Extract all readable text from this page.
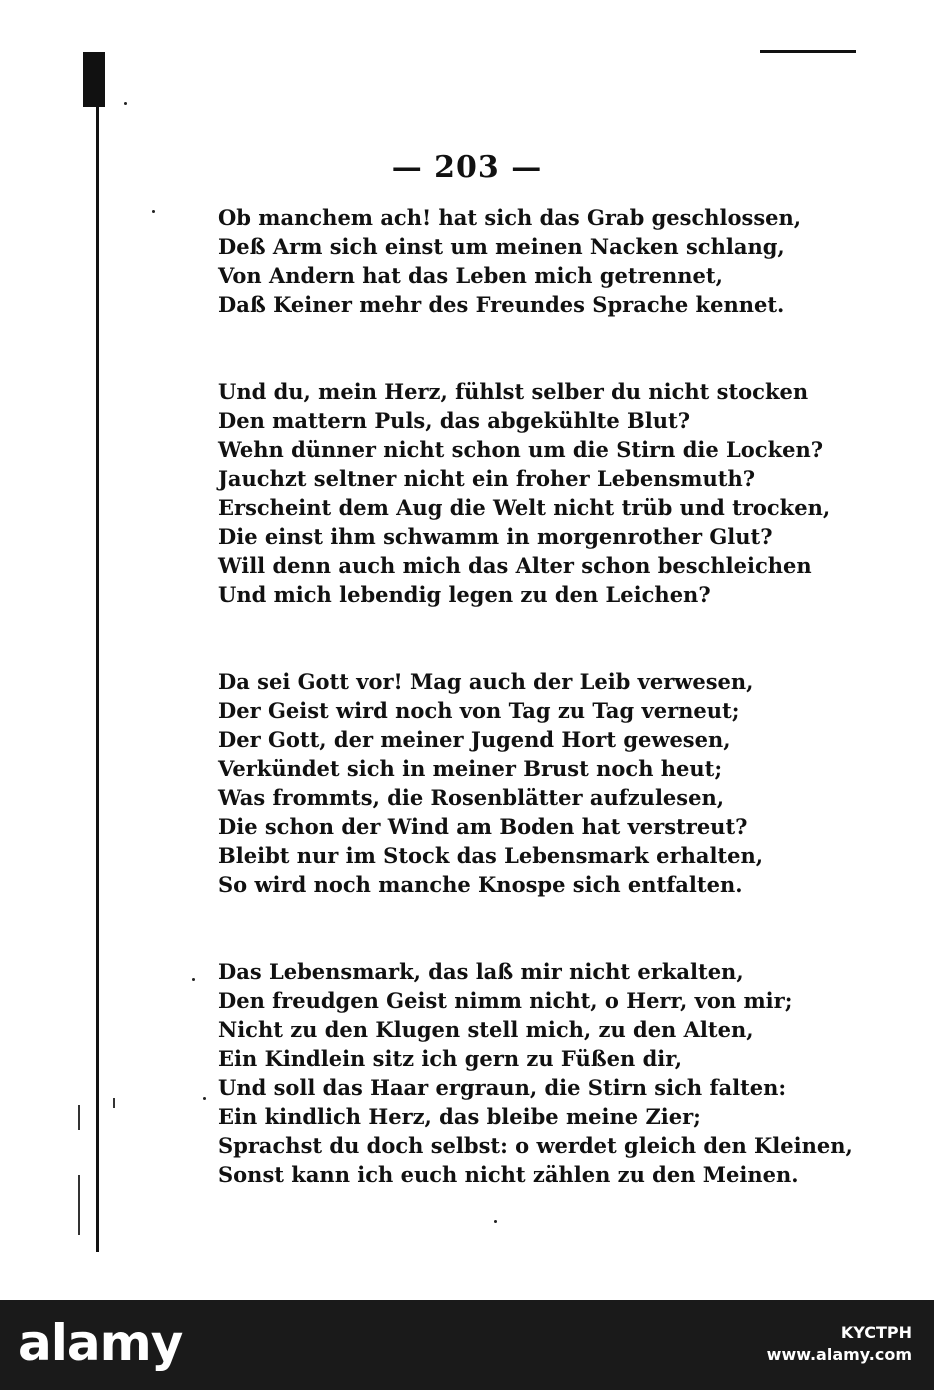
— 203 —
Ob manchem ach! hat sich das Grab geschlossen,
Deß Arm sich einst um meinen Nacken schlang,
Von Andern hat das Leben mich getrennet,
Daß Keiner mehr des Freundes Sprache kennet.
Und du, mein Herz, fühlst selber du nicht stocken
Den mattern Puls, das abgekühlte Blut?
Wehn dünner nicht schon um die Stirn die Locken?
Jauchzt seltner nicht ein froher Lebensmuth?
Erscheint dem Aug die Welt nicht trüb und trocken,
Die einst ihm schwamm in morgenrother Glut?
Will denn auch mich das Alter schon beschleichen
Und mich lebendig legen zu den Leichen?
Da sei Gott vor! Mag auch der Leib verwesen,
Der Geist wird noch von Tag zu Tag verneut;
Der Gott, der meiner Jugend Hort gewesen,
Verkündet sich in meiner Brust noch heut;
Was frommts, die Rosenblätter aufzulesen,
Die schon der Wind am Boden hat verstreut?
Bleibt nur im Stock das Lebensmark erhalten,
So wird noch manche Knospe sich entfalten.
Das Lebensmark, das laß mir nicht erkalten,
Den freudgen Geist nimm nicht, o Herr, von mir;
Nicht zu den Klugen stell mich, zu den Alten,
Ein Kindlein sitz ich gern zu Füßen dir,
Und soll das Haar ergraun, die Stirn sich falten:
Ein kindlich Herz, das bleibe meine Zier;
Sprachst du doch selbst: o werdet gleich den Kleinen,
Sonst kann ich euch nicht zählen zu den Meinen.
alamy	KYCTPH
www.alamy.com
